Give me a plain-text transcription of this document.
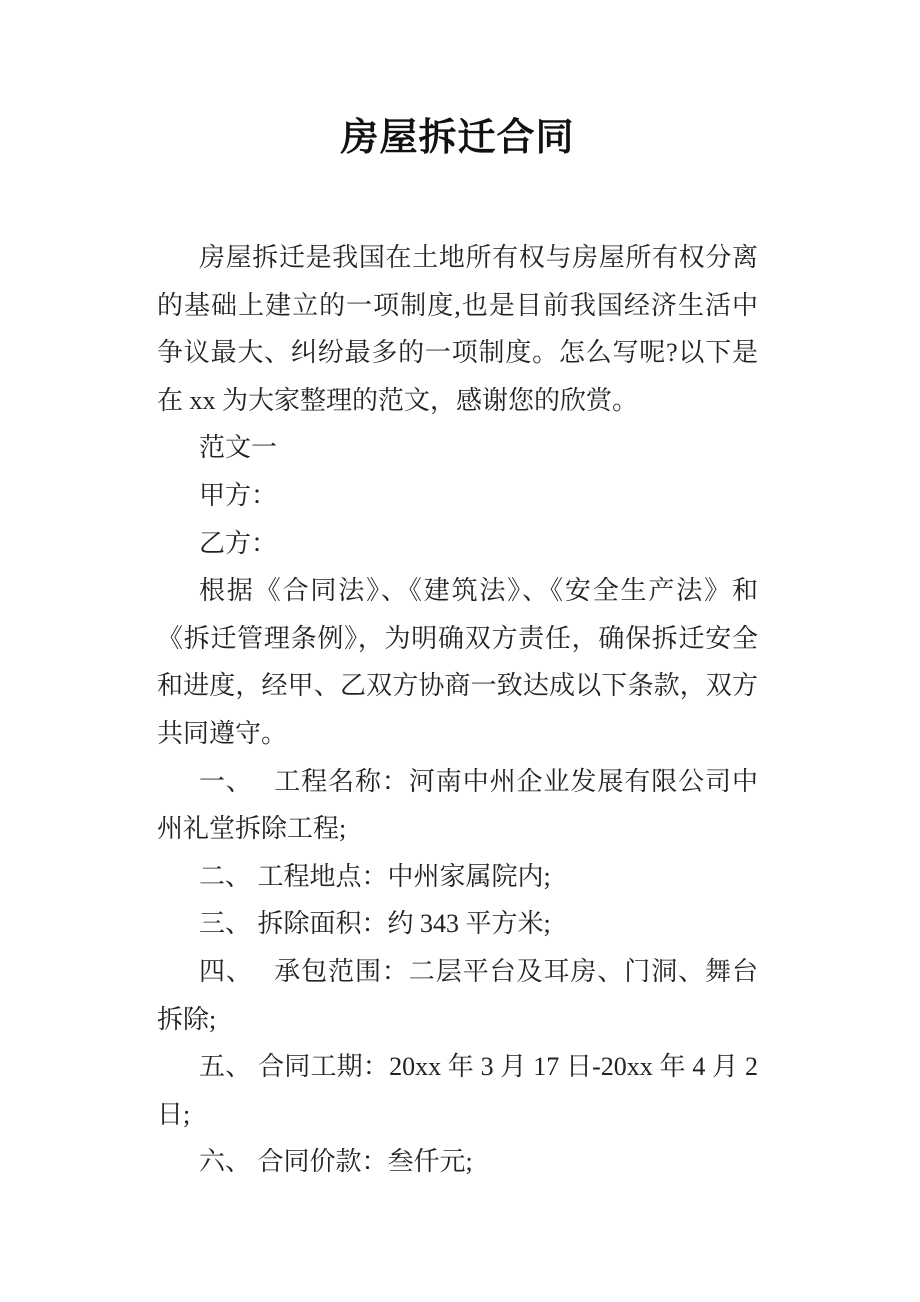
房屋拆迁合同

房屋拆迁是我国在土地所有权与房屋所有权分离的基础上建立的一项制度,也是目前我国经济生活中争议最大、纠纷最多的一项制度。怎么写呢?以下是在 xx 为大家整理的范文，感谢您的欣赏。

范文一

甲方：

乙方：

根据《合同法》、《建筑法》、《安全生产法》和《拆迁管理条例》，为明确双方责任，确保拆迁安全和进度，经甲、乙双方协商一致达成以下条款，双方共同遵守。

一、　 工程名称：河南中州企业发展有限公司中州礼堂拆除工程;

二、 工程地点：中州家属院内;

三、 拆除面积：约 343 平方米;

四、　 承包范围：二层平台及耳房、门洞、舞台拆除;

五、 合同工期：20xx 年 3 月 17 日-20xx 年 4 月 2 日;

六、 合同价款：叁仟元;
